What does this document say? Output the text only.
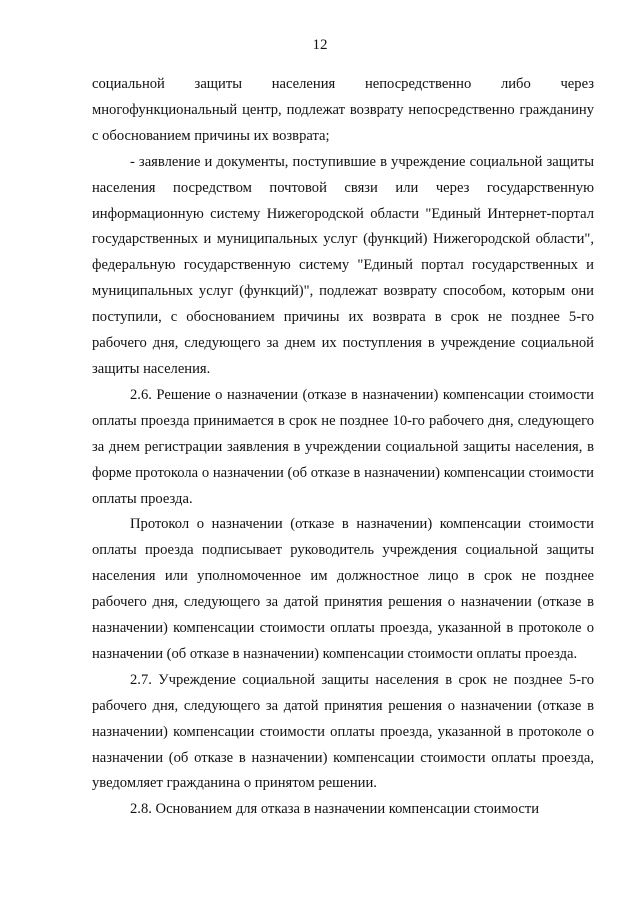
12

социальной защиты населения непосредственно либо через многофункциональный центр, подлежат возврату непосредственно гражданину с обоснованием причины их возврата;

- заявление и документы, поступившие в учреждение социальной защиты населения посредством почтовой связи или через государственную информационную систему Нижегородской области "Единый Интернет-портал государственных и муниципальных услуг (функций) Нижегородской области", федеральную государственную систему "Единый портал государственных и муниципальных услуг (функций)", подлежат возврату способом, которым они поступили, с обоснованием причины их возврата в срок не позднее 5-го рабочего дня, следующего за днем их поступления в учреждение социальной защиты населения.

2.6. Решение о назначении (отказе в назначении) компенсации стоимости оплаты проезда принимается в срок не позднее 10-го рабочего дня, следующего за днем регистрации заявления в учреждении социальной защиты населения, в форме протокола о назначении (об отказе в назначении) компенсации стоимости оплаты проезда.

Протокол о назначении (отказе в назначении) компенсации стоимости оплаты проезда подписывает руководитель учреждения социальной защиты населения или уполномоченное им должностное лицо в срок не позднее рабочего дня, следующего за датой принятия решения о назначении (отказе в назначении) компенсации стоимости оплаты проезда, указанной в протоколе о назначении (об отказе в назначении) компенсации стоимости оплаты проезда.

2.7. Учреждение социальной защиты населения в срок не позднее 5-го рабочего дня, следующего за датой принятия решения о назначении (отказе в назначении) компенсации стоимости оплаты проезда, указанной в протоколе о назначении (об отказе в назначении) компенсации стоимости оплаты проезда, уведомляет гражданина о принятом решении.

2.8. Основанием для отказа в назначении компенсации стоимости
